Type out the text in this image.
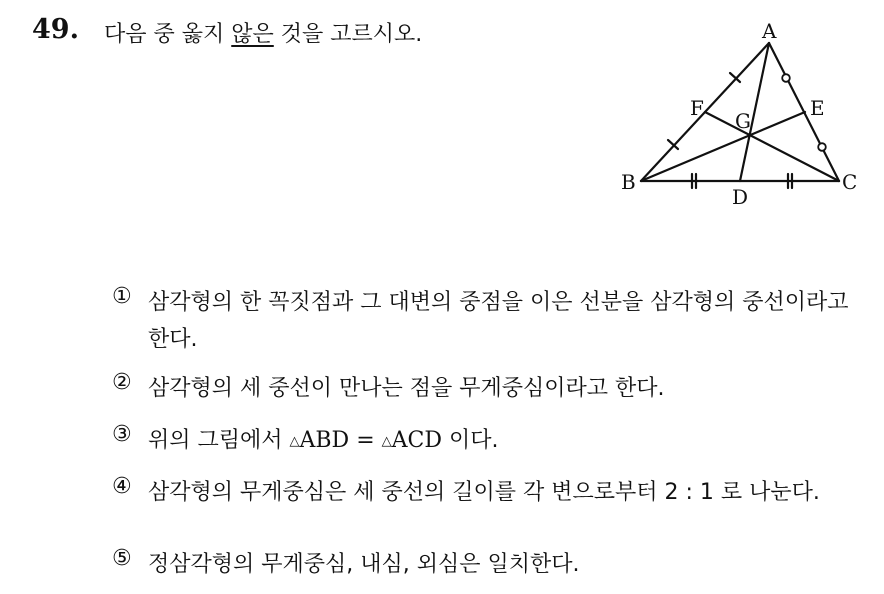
49. 다음 중 옳지 않은 것을 고르시오.	A
B	C
D
E
F
G
① 삼각형의 한 꼭짓점과 그 대변의 중점을 이은 선분을 삼각형의 중선이라고 한다.
② 삼각형의 세 중선이 만나는 점을 무게중심이라고 한다.
③ 위의 그림에서 △ABD = △ACD 이다.
④ 삼각형의 무게중심은 세 중선의 길이를 각 변으로부터 2 : 1 로 나눈다.
⑤ 정삼각형의 무게중심, 내심, 외심은 일치한다.
